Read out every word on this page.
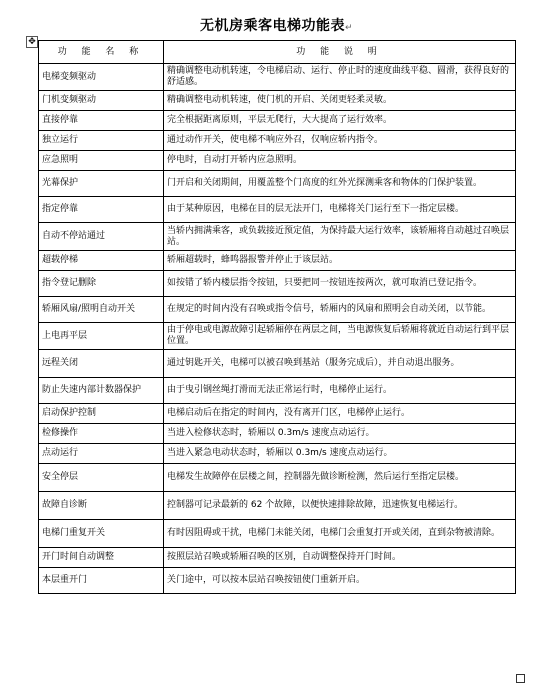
无机房乘客电梯功能表↵
✥
功 能 名 称	功 能 说 明
电梯变频驱动	精确调整电动机转速，令电梯启动、运行、停止时的速度曲线平稳、圆滑，获得良好的舒适感。
门机变频驱动	精确调整电动机转速，使门机的开启、关闭更轻柔灵敏。
直接停靠	完全根据距离原则，平层无爬行，大大提高了运行效率。
独立运行	通过动作开关，使电梯不响应外召，仅响应轿内指令。
应急照明	停电时，自动打开轿内应急照明。
光幕保护	门开启和关闭期间，用覆盖整个门高度的红外光探测乘客和物体的门保护装置。
指定停靠	由于某种原因，电梯在目的层无法开门，电梯将关门运行至下一指定层楼。
自动不停站通过	当轿内拥满乘客，或负载接近预定值，为保持最大运行效率，该轿厢将自动越过召唤层站。
超载停梯	轿厢超载时，蜂鸣器报警并停止于该层站。
指令登记删除	如按错了轿内楼层指令按钮，只要把同一按钮连按两次，就可取消已登记指令。
轿厢风扇/照明自动开关	在规定的时间内没有召唤或指令信号，轿厢内的风扇和照明会自动关闭，以节能。
上电再平层	由于停电或电源故障引起轿厢停在两层之间，当电源恢复后轿厢将就近自动运行到平层位置。
远程关闭	通过钥匙开关，电梯可以被召唤到基站（服务完成后），并自动退出服务。
防止失速内部计数器保护	由于曳引钢丝绳打滑而无法正常运行时，电梯停止运行。
启动保护控制	电梯启动后在指定的时间内，没有离开门区，电梯停止运行。
检修操作	当进入检修状态时，轿厢以 0.3m/s 速度点动运行。
点动运行	当进入紧急电动状态时，轿厢以 0.3m/s 速度点动运行。
安全停层	电梯发生故障停在层楼之间，控制器先做诊断检测，然后运行至指定层楼。
故障自诊断	控制器可记录最新的 62 个故障，以便快速排除故障，迅速恢复电梯运行。
电梯门重复开关	有时因阻碍或干扰，电梯门未能关闭，电梯门会重复打开或关闭，直到杂物被清除。
开门时间自动调整	按照层站召唤或轿厢召唤的区别，自动调整保持开门时间。
本层重开门	关门途中，可以按本层站召唤按钮使门重新开启。
